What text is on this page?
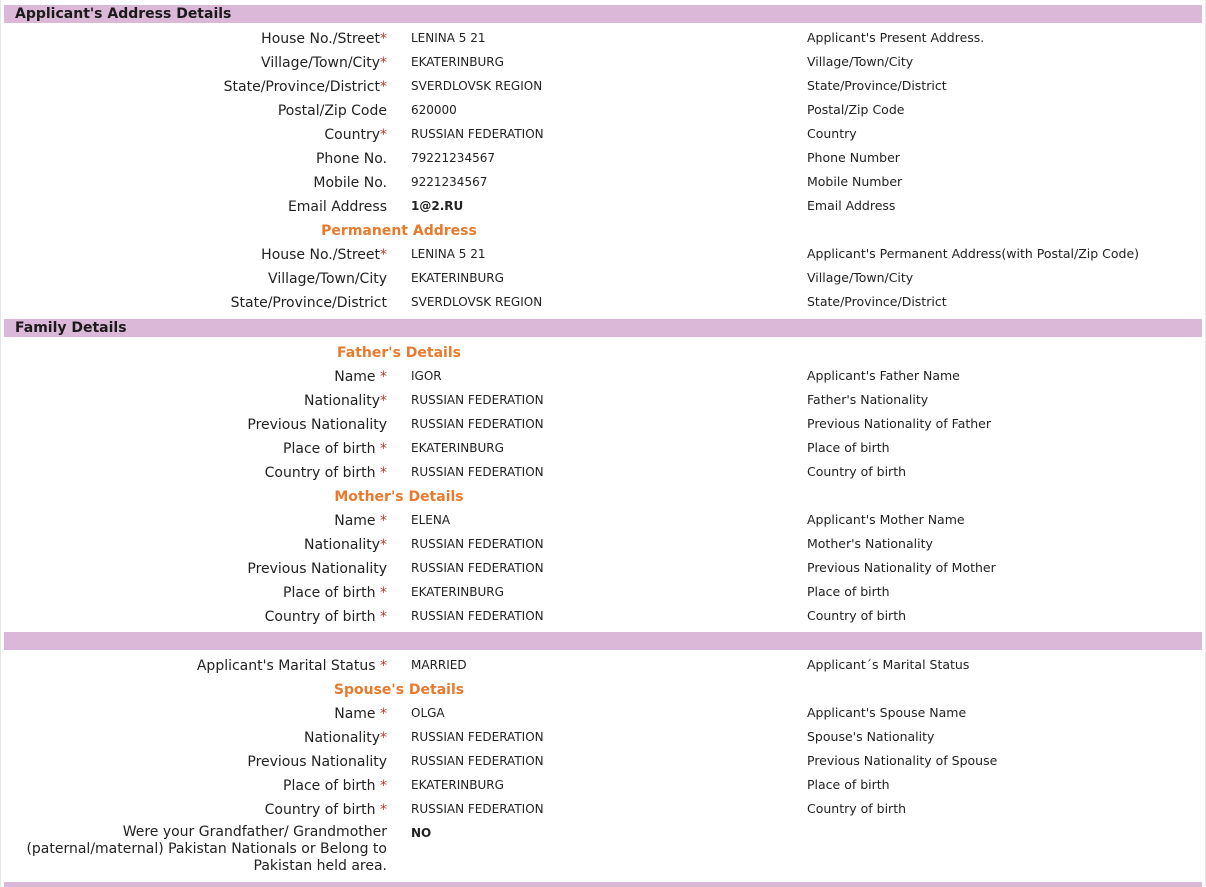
Applicant's Address Details
House No./Street* LENINA 5 21	Applicant's Present Address.
Village/Town/City* EKATERINBURG	Village/Town/City
State/Province/District* SVERDLOVSK REGION	State/Province/District
Postal/Zip Code 620000	Postal/Zip Code
Country* RUSSIAN FEDERATION	Country
Phone No. 79221234567	Phone Number
Mobile No. 9221234567	Mobile Number
Email Address 1@2.RU	Email Address
Permanent Address
House No./Street* LENINA 5 21	Applicant's Permanent Address(with Postal/Zip Code)
Village/Town/City EKATERINBURG	Village/Town/City
State/Province/District SVERDLOVSK REGION	State/Province/District
Family Details
Father's Details
Name * IGOR	Applicant's Father Name
Nationality* RUSSIAN FEDERATION	Father's Nationality
Previous Nationality RUSSIAN FEDERATION	Previous Nationality of Father
Place of birth * EKATERINBURG	Place of birth
Country of birth * RUSSIAN FEDERATION	Country of birth
Mother's Details
Name * ELENA	Applicant's Mother Name
Nationality* RUSSIAN FEDERATION	Mother's Nationality
Previous Nationality RUSSIAN FEDERATION	Previous Nationality of Mother
Place of birth * EKATERINBURG	Place of birth
Country of birth * RUSSIAN FEDERATION	Country of birth
Applicant's Marital Status * MARRIED	Applicant´s Marital Status
Spouse's Details
Name * OLGA	Applicant's Spouse Name
Nationality* RUSSIAN FEDERATION	Spouse's Nationality
Previous Nationality RUSSIAN FEDERATION	Previous Nationality of Spouse
Place of birth * EKATERINBURG	Place of birth
Country of birth * RUSSIAN FEDERATION	Country of birth
Were your Grandfather/ Grandmother (paternal/maternal) Pakistan Nationals or Belong to Pakistan held area.
NO
